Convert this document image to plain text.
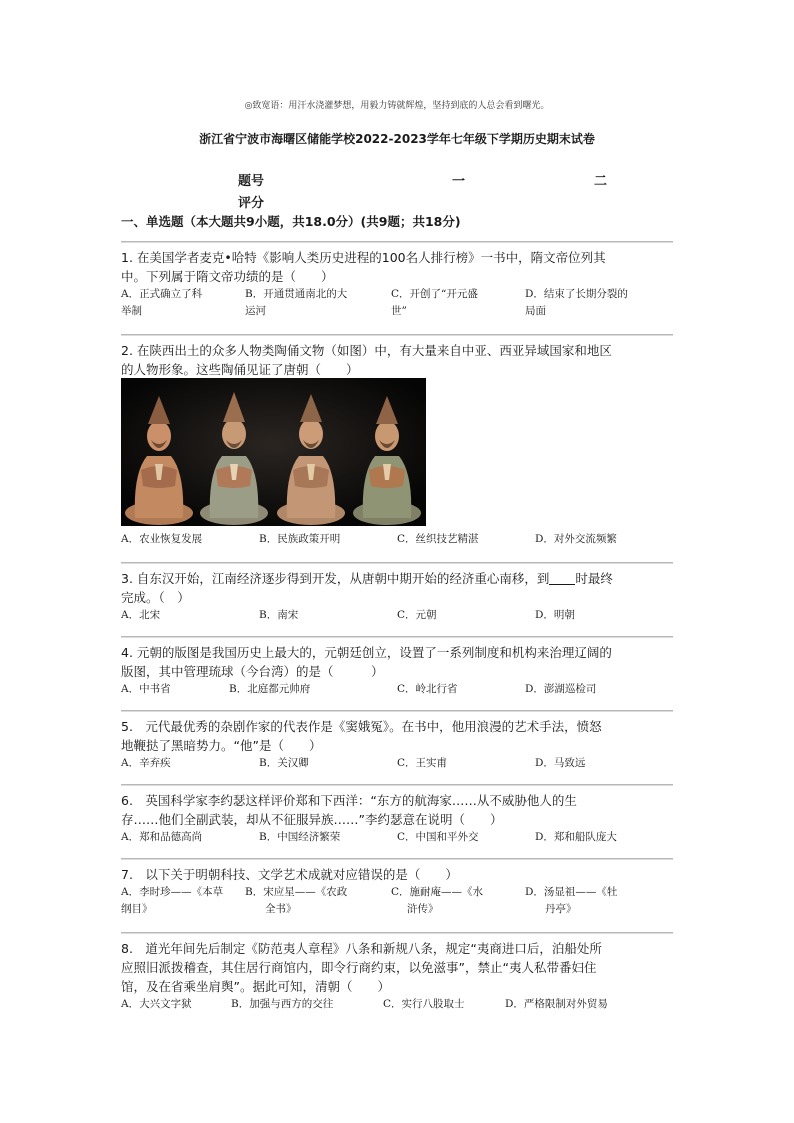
◎致宽语：用汗水浇灌梦想，用毅力铸就辉煌，坚持到底的人总会看到曙光。
浙江省宁波市海曙区储能学校2022-2023学年七年级下学期历史期末试卷
题号	一	二
评分
一、单选题（本大题共9小题，共18.0分）(共9题；共18分)
1. 在美国学者麦克•哈特《影响人类历史进程的100名人排行榜》一书中，隋文帝位列其
中。下列属于隋文帝功绩的是（　　）
A．正式确立了科
举制
B．开通贯通南北的大
运河
C．开创了“开元盛
世”
D．结束了长期分裂的
局面
2. 在陕西出土的众多人物类陶俑文物（如图）中，有大量来自中亚、西亚异域国家和地区
的人物形象。这些陶俑见证了唐朝（　　）
A．农业恢复发展	B．民族政策开明	C．丝织技艺精湛	D．对外交流频繁
3. 自东汉开始，江南经济逐步得到开发，从唐朝中期开始的经济重心南移，到 时最终
完成。（　）
A．北宋	B．南宋	C．元朝	D．明朝
4. 元朝的版图是我国历史上最大的，元朝廷创立，设置了一系列制度和机构来治理辽阔的
版图，其中管理琉球（今台湾）的是（　　　）
A．中书省	B．北庭都元帅府	C．岭北行省	D．澎湖巡检司
5.　元代最优秀的杂剧作家的代表作是《窦娥冤》。在书中，他用浪漫的艺术手法，愤怒
地鞭挞了黑暗势力。“他”是（　　）
A．辛弃疾	B．关汉卿	C．王实甫	D．马致远
6.　英国科学家李约瑟这样评价郑和下西洋：“东方的航海家……从不威胁他人的生
存……他们全副武装，却从不征服异族……”李约瑟意在说明（　　）
A．郑和品德高尚	B．中国经济繁荣	C．中国和平外交	D．郑和船队庞大
7.　以下关于明朝科技、文学艺术成就对应错误的是（　　）
A．李时珍——《本草
纲目》
B．宋应星——《农政
全书》
C．施耐庵——《水
浒传》
D．汤显祖——《牡
丹亭》
8.　道光年间先后制定《防范夷人章程》八条和新规八条，规定“夷商进口后，泊船处所
应照旧派拨稽查，其住居行商馆内，即令行商约束，以免滋事”，禁止“夷人私带番妇住
馆，及在省乘坐肩舆”。据此可知，清朝（　　）
A．大兴文字狱	B．加强与西方的交往	C．实行八股取士	D．严格限制对外贸易
